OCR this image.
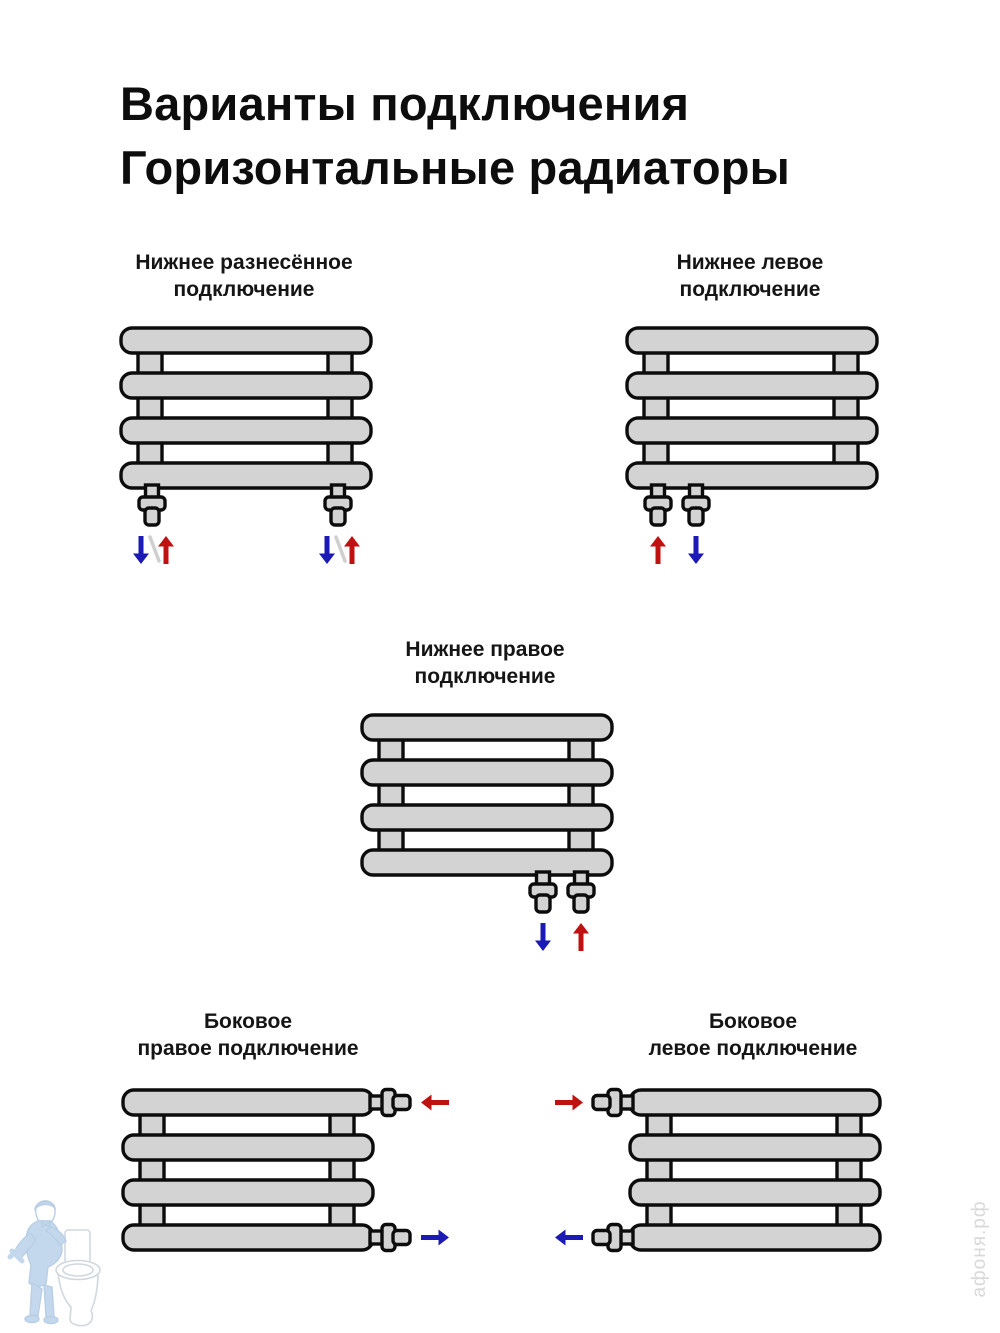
Варианты подключения
Горизонтальные радиаторы
Нижнее разнесённое
подключение
Нижнее левое
подключение
Нижнее правое
подключение
Боковое
правое подключение
Боковое
левое подключение
афоня.рф
